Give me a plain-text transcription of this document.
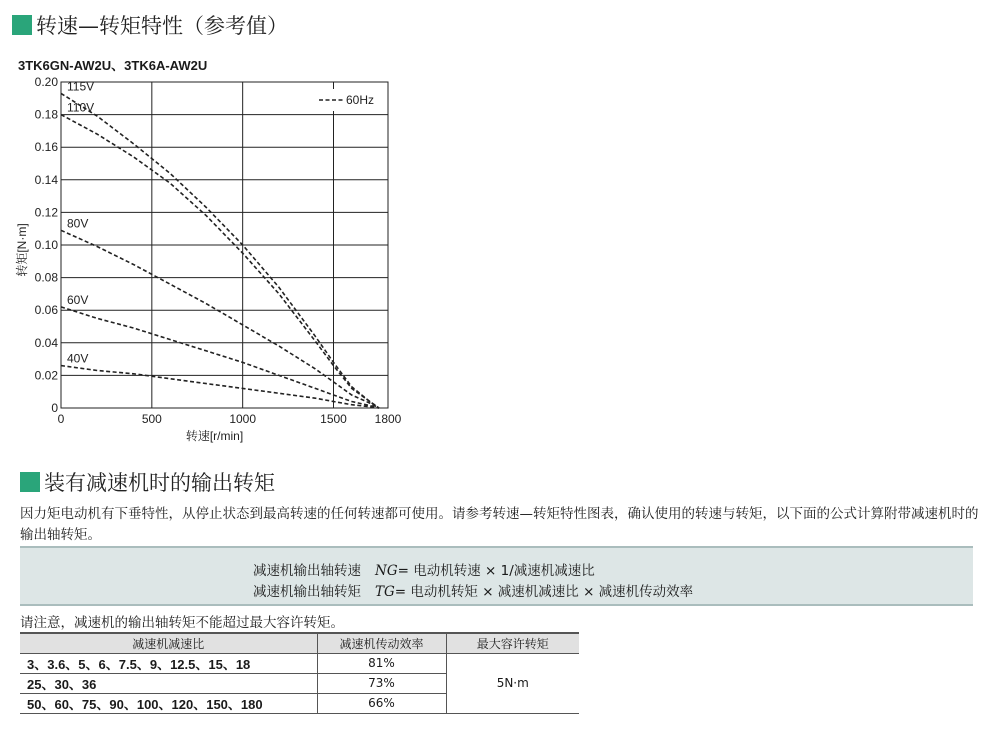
转速—转矩特性（参考值）
3TK6GN-AW2U、3TK6A-AW2U
115V
110V
80V
60V
40V
0
0.02
0.04
0.06
0.08
0.10
0.12
0.14
0.16
0.18
0.20
0	500	1000	1500 1800
转速[r/min]
转矩[N·m]
60Hz
装有减速机时的输出转矩
因力矩电动机有下垂特性，从停止状态到最高转速的任何转速都可使用。请参考转速—转矩特性图表，确认使用的转速与转矩，以下面的公式计算附带减速机时的输出轴转矩。
减速机输出轴转速 NG= 电动机转速 × 1/减速机减速比
减速机输出轴转矩 TG= 电动机转矩 × 减速机减速比 × 减速机传动效率
请注意，减速机的输出轴转矩不能超过最大容许转矩。
减速机减速比	减速机传动效率	最大容许转矩
3、3.6、5、6、7.5、9、12.5、15、18	81%	5N·m
25、30、36	73%	
50、60、75、90、100、120、150、180	66%	
